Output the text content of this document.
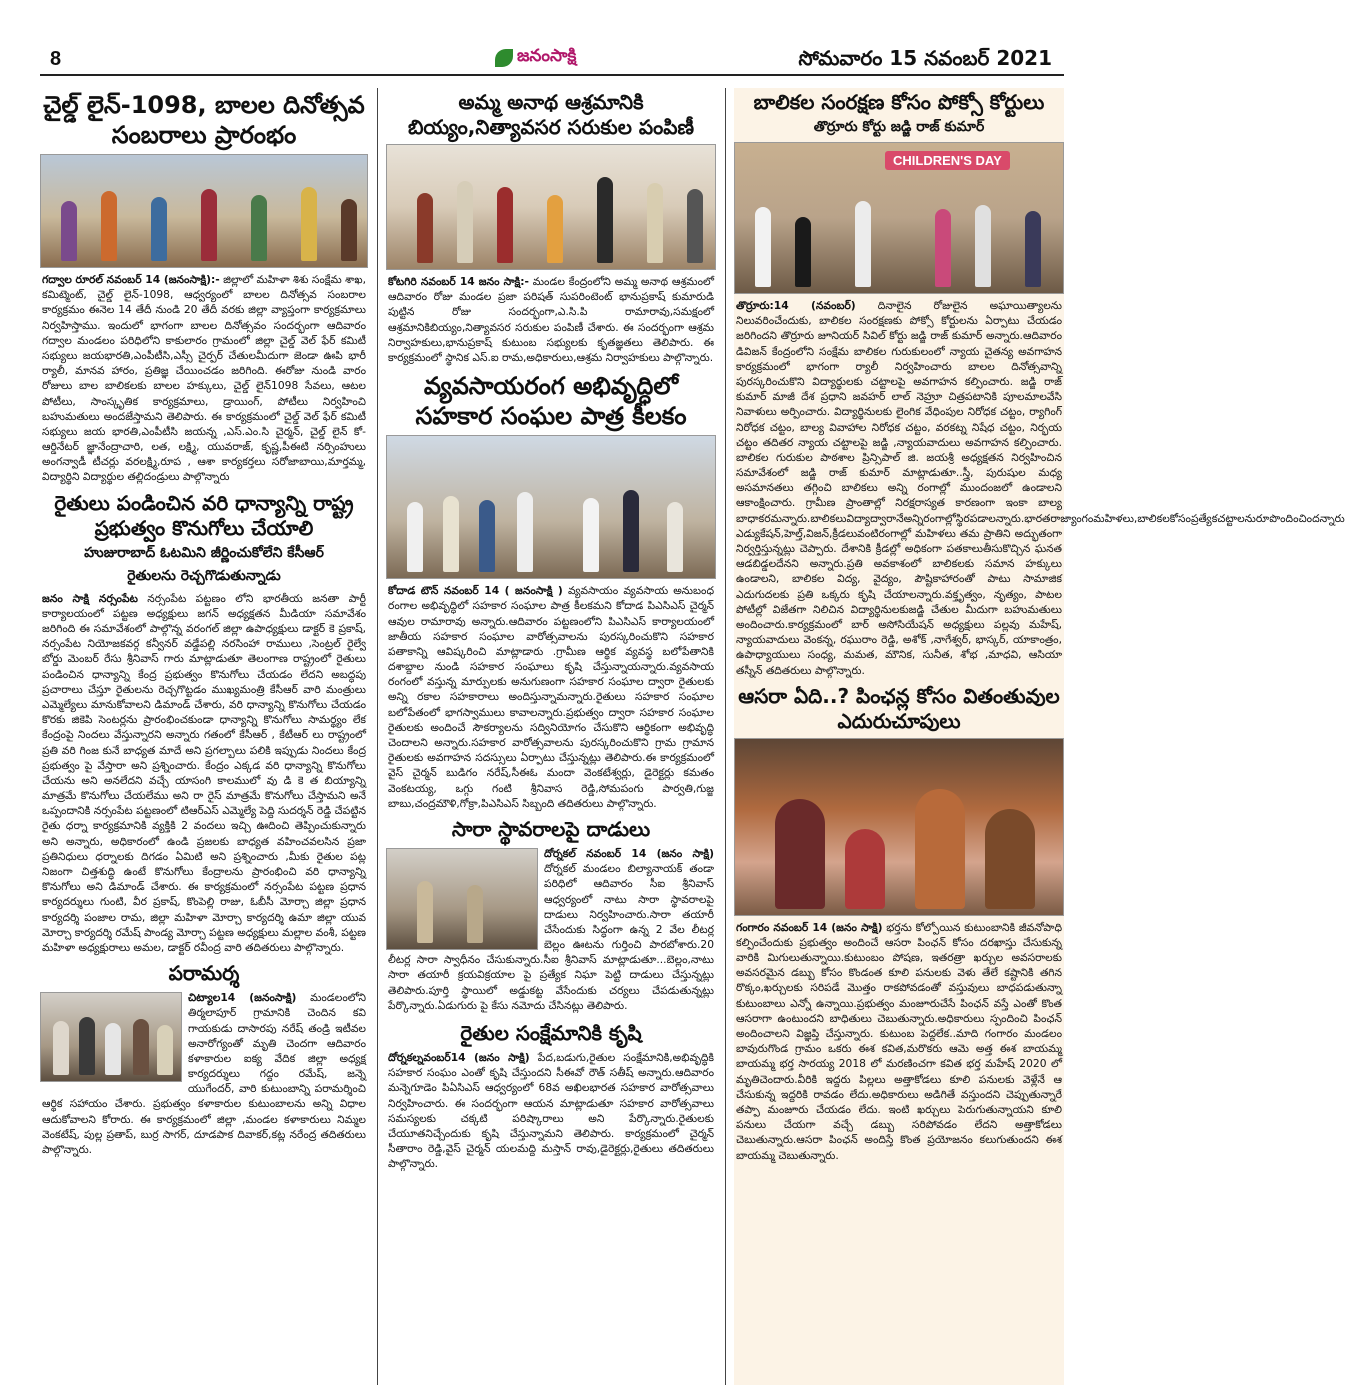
8	జనంసాక్షి	సోమవారం 15 నవంబర్ 2021
చైల్డ్ లైన్-1098, బాలల దినోత్సవ సంబరాలు ప్రారంభం

గద్వాల రూరల్ నవంబర్ 14 (జనంసాక్షి):- జిల్లాలో మహిళా శిశు సంక్షేమ శాఖ, కమిట్మెంట్, చైల్డ్ లైన్-1098, ఆధ్వర్యంలో బాలల దినోత్సవ సంబరాల కార్యక్రమం ఈనెల 14 తేదీ నుండి 20 తేదీ వరకు జిల్లా వ్యాప్తంగా కార్యక్రమాలు నిర్వహిస్తాము. ఇందులో భాగంగా బాలల దినోత్సవం సందర్భంగా ఆదివారం గద్వాల మండలం పరిధిలోని కాకులారం గ్రామంలో జిల్లా చైల్డ్ వెల్ ఫేర్ కమిటీ సభ్యులు జయభారతి,ఎంపీటీసి,ఎస్సీ చైర్పర్ చేతులమీదుగా జెండా ఊపి భారీ ర్యాలీ, మానవ హారం, ప్రతిజ్ఞ చేయించడం జరిగింది. ఈరోజు నుండి వారం రోజులు బాల బాలికలకు బాలల హక్కులు, చైల్డ్ లైన్1098 సేవలు, ఆటల పోటీలు, సాంస్కృతిక కార్యక్రమాలు, డ్రాయింగ్, పోటీలు నిర్వహించి బహుమతులు అందజేస్తామని తెలిపారు. ఈ కార్యక్రమంలో చైల్డ్ వెల్ ఫేర్ కమిటీ సభ్యులు జయ భారతి,ఎంపీటీసి జయన్న ,ఎస్.ఎం.సి చైర్మన్, చైల్డ్ లైన్ కో-ఆర్డినేటర్ జ్ఞానేంద్రాచారి, లత, లక్ష్మి, యువరాజ్, కృష్ణ,పీఈటి నర్సింహులు అంగన్వాడీ టీచర్లు వరలక్ష్మి,రూప , ఆశా కార్యకర్తలు సరోజాబాయి,మార్తమ్మ, విద్యార్థిని విద్యార్థుల తల్లిదండ్రులు పాల్గొన్నారు

రైతులు పండించిన వరి ధాన్యాన్ని రాష్ట్ర ప్రభుత్వం కొనుగోలు చేయాలి
హుజురాబాద్ ఓటమిని జీర్ణించుకోలేని కేసీఆర్
రైతులను రెచ్చగొడుతున్నాడు

జనం సాక్షి నర్సంపేట నర్సంపేట పట్టణం లోని భారతీయ జనతా పార్టీ కార్యాలయంలో పట్టణ అధ్యక్షులు జగన్ అధ్యక్షతన మీడియా సమావేశం జరిగింది ఈ సమావేశంలో పాల్గొన్న వరంగల్ జిల్లా ఉపాధ్యక్షులు డాక్టర్ కె ప్రకాష్, నర్సంపేట నియోజకవర్గ కన్వీనర్ వడ్డేపల్లి నరసింహా రాములు ,సెంట్రల్ రైల్వే బోర్డు మెంబర్ రేసు శ్రీనివాస్ గారు మాట్లాడుతూ తెలంగాణ రాష్ట్రంలో రైతులు పండించిన ధాన్యాన్ని కేంద్ర ప్రభుత్వం కొనుగోలు చేయడం లేదని అబద్ధపు ప్రచారాలు చేస్తూ రైతులను రెచ్చగొట్టడం ముఖ్యమంత్రి కేసీఆర్ వారి మంత్రులు ఎమ్మెల్యేలు మానుకోవాలని డిమాండ్ చేశారు, వరి ధాన్యాన్ని కొనుగోలు చేయడం కొరకు జికెపి సెంటర్లను ప్రారంభించకుండా ధాన్యాన్ని కొనుగోలు సామర్థ్యం లేక కేంద్రంపై నిందలు వేస్తున్నారని అన్నారు గతంలో కేసీఆర్ , కేటీఆర్ లు రాష్ట్రంలో ప్రతి వరి గింజ కునే బాధ్యత మాదే అని ప్రగల్బాలు పలికి ఇప్పుడు నిందలు కేంద్ర ప్రభుత్వం పై వేస్తారా అని ప్రశ్నించారు. కేంద్రం ఎక్కడ వరి ధాన్యాన్ని కొనుగోలు చేయను అని అనలేదని వచ్చే యాసంగి కాలములో వు డి కె త బియ్యాన్ని మాత్రమే కొనుగోలు చేయలేము అని రా రైస్ మాత్రమే కొనుగోలు చేస్తామని అనే ఒప్పందానికి నర్సంపేట పట్టణంలో టిఆర్ఎస్ ఎమ్మెల్యే పెద్ది సుదర్శన్ రెడ్డి చేపట్టిన రైతు ధర్నా కార్యక్రమానికి వ్యక్తికి 2 వందలు ఇచ్చి ఊదించి తెప్పించుకున్నారు అని అన్నారు, అధికారంలో ఉండి ప్రజలకు బాధ్యత వహించవలసిన ప్రజా ప్రతినిధులు ధర్నాలకు దిగడం ఏమిటి అని ప్రశ్నించారు ,మీకు రైతుల పట్ల నిజంగా చిత్తశుద్ధి ఉంటే కొనుగోలు కేంద్రాలను ప్రారంభించి వరి ధాన్యాన్ని కొనుగోలు అని డిమాండ్ చేశారు. ఈ కార్యక్రమంలో నర్సంపేట పట్టణ ప్రధాన కార్యదర్శులు గుంటి, వీర ప్రకాష్, కొంపెల్లి రాజు, ఓబీసీ మోర్చా జిల్లా ప్రధాన కార్యదర్శి పంజాల రామ, జిల్లా మహిళా మోర్చా కార్యదర్శి ఉమా జిల్లా యువ మోర్చా కార్యదర్శి రమేష్ పాండ్య మోర్చా పట్టణ అధ్యక్షులు మల్లాల వంశీ, పట్టణ మహిళా అధ్యక్షురాలు అమల, డాక్టర్ రవీంద్ర వారి తదితరులు పాల్గొన్నారు.

పరామర్శ

చిట్యాల14 (జనంసాక్షి) మండలంలోని తిర్మలాపూర్ గ్రామానికి చెందిన కవి గాయకుడు దాసారపు నరేష్ తండ్రి ఇటీవల అనారోగ్యంతో మృతి చెందగా ఆదివారం కళాకారుల ఐక్య వేదిక జిల్లా అధ్యక్ష కార్యదర్శులు గద్దం రమేష్, జన్నె యుగేందర్, వారి కుటుంబాన్ని పరామర్శించి ఆర్థిక సహాయం చేశారు. ప్రభుత్వం కళాకారుల కుటుంబాలను అన్ని విధాల ఆదుకోవాలని కోరారు. ఈ కార్యక్రమంలో జిల్లా ,మండల కళాకారులు నిమ్మల వెంకటేష్, పుల్ల ప్రతాప్, బుర్ర సాగర్, దూడపాక దివాకర్,కట్ల నరేంద్ర తదితరులు పాల్గొన్నారు.

అమ్మ అనాథ ఆశ్రమానికి బియ్యం,నిత్యావసర సరుకుల పంపిణీ

కోటగిరి నవంబర్ 14 జనం సాక్షి:- మండల కేంద్రంలోని అమ్మ అనాథ ఆశ్రమంలో ఆదివారం రోజు మండల ప్రజా పరిషత్ సుపరింటెంట్ భానుప్రకాష్ కుమారుడి పుట్టిన రోజు సందర్భంగా,ఎ.సి.పి రామారావు,సమక్షంలో ఆశ్రమానికిబియ్యం,నిత్యావసర సరుకుల పంపిణీ చేశారు. ఈ సందర్భంగా ఆశ్రమ నిర్వాహకులు,భానుప్రకాష్ కుటుంబ సభ్యులకు కృతజ్ఞతలు తెలిపారు. ఈ కార్యక్రమంలో స్థానిక ఎస్.ఐ రామ,అధికారులు,ఆశ్రమ నిర్వాహకులు పాల్గొన్నారు.

వ్యవసాయరంగ అభివృద్ధిలో సహకార సంఘల పాత్ర కీలకం

కోదాడ టౌన్ నవంబర్ 14 ( జనంసాక్షి ) వ్యవసాయం వ్యవసాయ అనుబంధ రంగాల అభివృద్ధిలో సహకార సంఘాల పాత్ర కీలకమని కోదాడ పిఎసిఎస్ చైర్మన్ ఆవుల రామారావు అన్నారు.ఆదివారం పట్టణంలోని పిఎసిఎస్ కార్యాలయంలో జాతీయ సహకార సంఘాల వారోత్సవాలను పురస్కరించుకొని సహకార పతాకాన్ని ఆవిష్కరించి మాట్లాడారు .గ్రామీణ ఆర్థిక వ్యవస్థ బలోపేతానికి దశాబ్దాల నుండి సహకార సంఘాలు కృషి చేస్తున్నాయన్నారు.వ్యవసాయ రంగంలో వస్తున్న మార్పులకు అనుగుణంగా సహకార సంఘాల ద్వారా రైతులకు అన్ని రకాల సహకారాలు అందిస్తున్నామన్నారు.రైతులు సహకార సంఘాల బలోపేతంలో భాగస్వాములు కావాలన్నారు.ప్రభుత్వం ద్వారా సహకార సంఘాల రైతులకు అందించే సౌకర్యాలను సద్వినియోగం చేసుకొని ఆర్థికంగా అభివృద్ధి చెందాలని అన్నారు.సహకార వారోత్సవాలను పురస్కరించుకొని గ్రామ గ్రామాన రైతులకు అవగాహన సదస్సులు ఏర్పాటు చేస్తున్నట్లు తెలిపారు.ఈ కార్యక్రమంలో వైస్ చైర్మన్ బుడిగం నరేష్,సీఈఓ మందా వెంకటేశ్వర్లు, డైరెక్టర్లు కమతం వెంకటయ్య, ఒగ్గు గంటి శ్రీనివాస రెడ్డి,సోమపంగు పార్వతి,గుజ్జ బాబు,చంద్రమౌళి,గోక్రా,పిఎసిఎస్ సిబ్బంది తదితరులు పాల్గొన్నారు.

సారా స్థావరాలపై దాడులు

దోర్నకల్ నవంబర్ 14 (జనం సాక్షి) దోర్నకల్ మండలం బిల్యానాయక్ తండా పరిధిలో ఆదివారం సీఐ శ్రీనివాస్ ఆధ్వర్యంలో నాటు సారా స్థావరాలపై దాడులు నిర్వహించారు.సారా తయారీ చేసేందుకు సిద్ధంగా ఉన్న 2 వేల లీటర్ల బెల్లం ఊటను గుర్తించి పారబోశారు.20 లీటర్ల సారా స్వాధీనం చేసుకున్నారు.సీఐ శ్రీనివాస్ మాట్లాడుతూ...బెల్లం,నాటు సారా తయారీ క్రయవిక్రయాల పై ప్రత్యేక నిఘా పెట్టి దాడులు చేస్తున్నట్లు తెలిపారు.పూర్తి స్థాయిలో అడ్డుకట్ట వేసేందుకు చర్యలు చేపడుతున్నట్లు పేర్కొన్నారు.ఏడుగురు పై కేసు నమోదు చేసినట్లు తెలిపారు.

రైతుల సంక్షేమానికి కృషి

దోర్నకల్నవంబర్14 (జనం సాక్షి) పేద,బడుగు,రైతుల సంక్షేమానికి,అభివృద్ధికి సహకార సంఘం ఎంతో కృషి చేస్తుందని సీఈవో రౌత్ సతీష్ అన్నారు.ఆదివారం మన్నెగూడెం పిఏసిఎస్ ఆధ్వర్యంలో 68వ అఖిలభారత సహకార వారోత్సవాలు నిర్వహించారు. ఈ సందర్భంగా ఆయన మాట్లాడుతూ సహకార వారోత్సవాలు సమస్యలకు చక్కటి పరిష్కారాలు అని పేర్కొన్నారు.రైతులకు చేయూతనిచ్చేందుకు కృషి చేస్తున్నామని తెలిపారు. కార్యక్రమంలో చైర్మన్ సీతారాం రెడ్డి,వైస్ చైర్మన్ యలమద్ది మస్తాన్ రావు,డైరెక్టర్లు,రైతులు తదితరులు పాల్గొన్నారు.

బాలికల సంరక్షణ కోసం పోక్సో కోర్టులు
తొర్రూరు కోర్టు జడ్జి రాజ్ కుమార్
CHILDREN'S DAY

తొర్రూరు:14 (నవంబర్) దినాలైన రోజులైన అఘాయిత్యాలను నిలువరించేందుకు, బాలికల సంరక్షణకు పోక్సో కోర్టులను ఏర్పాటు చేయడం జరిగిందని తొర్రూరు జూనియర్ సివిల్ కోర్టు జడ్జి రాజ్ కుమార్ అన్నారు.ఆదివారం డివిజన్ కేంద్రంలోని సంక్షేమ బాలికల గురుకులంలో న్యాయ చైతన్య అవగాహన కార్యక్రమంలో భాగంగా ర్యాలీ నిర్వహించారు బాలల దినోత్సవాన్ని పురస్కరించుకొని విద్యార్థులకు చట్టాలపై అవగాహన కల్పించారు. జడ్జి రాజ్ కుమార్ మాజీ దేశ ప్రధాని జవహర్ లాల్ నెహ్రూ చిత్రపటానికి పూలమాలవేసి నివాళులు అర్పించారు. విద్యార్థినులకు లైంగిక వేధింపుల నిరోధక చట్టం, ర్యాగింగ్ నిరోధక చట్టం, బాల్య వివాహాల నిరోధక చట్టం, వరకట్న నిషేధ చట్టం, నిర్భయ చట్టం తదితర న్యాయ చట్టాలపై జడ్జి ,న్యాయవాదులు అవగాహన కల్పించారు. బాలికల గురుకుల పాఠశాల ప్రిన్సిపాల్ జి. జయశ్రీ అధ్యక్షతన నిర్వహించిన సమావేశంలో జడ్జి రాజ్ కుమార్ మాట్లాడుతూ..స్త్రీ, పురుషుల మధ్య అసమానతలు తగ్గించి బాలికలు అన్ని రంగాల్లో ముందంజలో ఉండాలని ఆకాంక్షించారు. గ్రామీణ ప్రాంతాల్లో నిరక్షరాస్యత కారణంగా ఇంకా బాల్య బాధాకరమన్నారు.బాలికలువిద్యాద్వారానేఅన్నిరంగాల్లోస్థిరపడాలన్నారు.భారతరాజ్యాంగంమహిళలు,బాలికలకోసంప్రత్యేకచట్టాలనురూపొందించిందన్నారు ఎడ్యుకేషన్,హెల్త్,విజన్,క్రీడలువంటిరంగాల్లో మహిళలు తమ ప్రాతిని అద్భుతంగా నిర్వర్తిస్తున్నట్లు చెప్పారు. దేశానికి క్రీడల్లో అధికంగా పతకాలుతీసుకొచ్చిన ఘనత ఆడబిడ్డలదేనని అన్నారు.ప్రతి అవకాశంలో బాలికలకు సమాన హక్కులు ఉండాలని, బాలికల విద్య, వైద్యం, పౌష్టికాహారంతో పాటు సామాజిక ఎదుగుదలకు ప్రతి ఒక్కరు కృషి చేయాలన్నారు.వక్తృత్వం, నృత్యం, పాటల పోటీల్లో విజేతగా నిలిచిన విద్యార్థినులకుజడ్జి చేతుల మీదుగా బహుమతులు అందించారు.కార్యక్రమంలో బార్ అసోసియేషన్ అధ్యక్షులు పల్లవు మహేష్, న్యాయవాదులు వెంకన్న, రఘురాం రెడ్డి, అశోక్ ,నాగేశ్వర్, భాస్కర్, యాకాంత్రం, ఉపాధ్యాయులు సంధ్య, మమత, మౌనిక, సునీత, శోభ ,మాధవి, ఆసియా తస్నీన్ తదితరులు పాల్గొన్నారు.

ఆసరా ఏది..? పింఛన్ల కోసం వితంతువుల ఎదురుచూపులు

గంగారం నవంబర్ 14 (జనం సాక్షి) భర్తను కోల్పోయిన కుటుంబానికి జీవనోపాధి కల్పించేందుకు ప్రభుత్వం అందించే ఆసరా పింఛన్ కోసం దరఖాస్తు చేసుకున్న వారికి మిగులుతున్నాయి.కుటుంబం పోషణ, ఇతరత్రా ఖర్చుల అవసరాలకు అవసరమైన డబ్బు కోసం కొండంత కూలి పనులకు వెళు తేలే కష్టానికి తగిన రొక్కం,ఖర్చులకు సరిపడే మొత్తం రాకపోవడంతో వస్తువులు బాధపడుతున్నా కుటుంబాలు ఎన్నో ఉన్నాయి.ప్రభుత్వం మంజూరుచేసే పింఛన్ వస్తే ఎంతో కొంత ఆసరాగా ఉంటుందని బాధితులు చెబుతున్నారు.అధికారులు స్పందించి పింఛన్ అందించాలని విజ్ఞప్తి చేస్తున్నారు. కుటుంబ పెద్దలేక..మాది గంగారం మండలం బావురుగొండ గ్రామం ఒకరు ఈశ కవిత,మరొకరు ఆమె అత్త ఈశ బాయమ్మ బాయమ్మ భర్త సారయ్య 2018 లో మరణించగా కవిత భర్త మహేష్ 2020 లో మృతిచెందారు.వీరికి ఇద్దరు పిల్లలు అత్తాకోడలు కూలి పనులకు వెళ్లేనే ఆ చేసుకున్న ఇద్దరికి రావడం లేదు.అధికారులు అడిగితే వస్తుందని చెప్పుతున్నారే తప్పా మంజూరు చేయడం లేదు. ఇంటి ఖర్చులు పెరుగుతున్నాయని కూలి పనులు చేయగా వచ్చే డబ్బు సరిపోవడం లేదని అత్తాకోడలు చెబుతున్నారు.ఆసరా పింఛన్ అందిస్తే కొంత ప్రయోజనం కలుగుతుందని ఈశ బాయమ్మ చెబుతున్నారు.
